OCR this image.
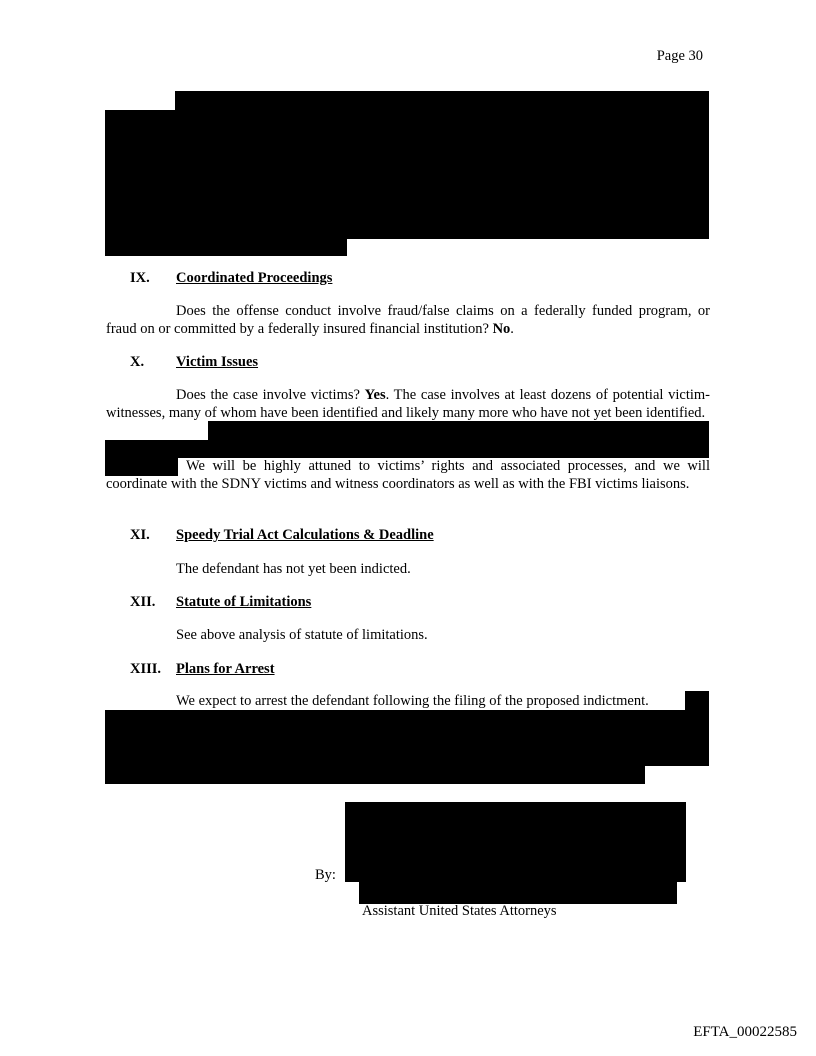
Page 30
IX. Coordinated Proceedings
Does the offense conduct involve fraud/false claims on a federally funded program, or fraud on or committed by a federally insured financial institution? No.
X. Victim Issues
Does the case involve victims? Yes. The case involves at least dozens of potential victim-witnesses, many of whom have been identified and likely many more who have not yet been identified.
We will be highly attuned to victims’ rights and associated processes, and we will coordinate with the SDNY victims and witness coordinators as well as with the FBI victims liaisons.
XI. Speedy Trial Act Calculations & Deadline
The defendant has not yet been indicted.
XII. Statute of Limitations
See above analysis of statute of limitations.
XIII. Plans for Arrest
We expect to arrest the defendant following the filing of the proposed indictment.
By:
Assistant United States Attorneys
EFTA_00022585
